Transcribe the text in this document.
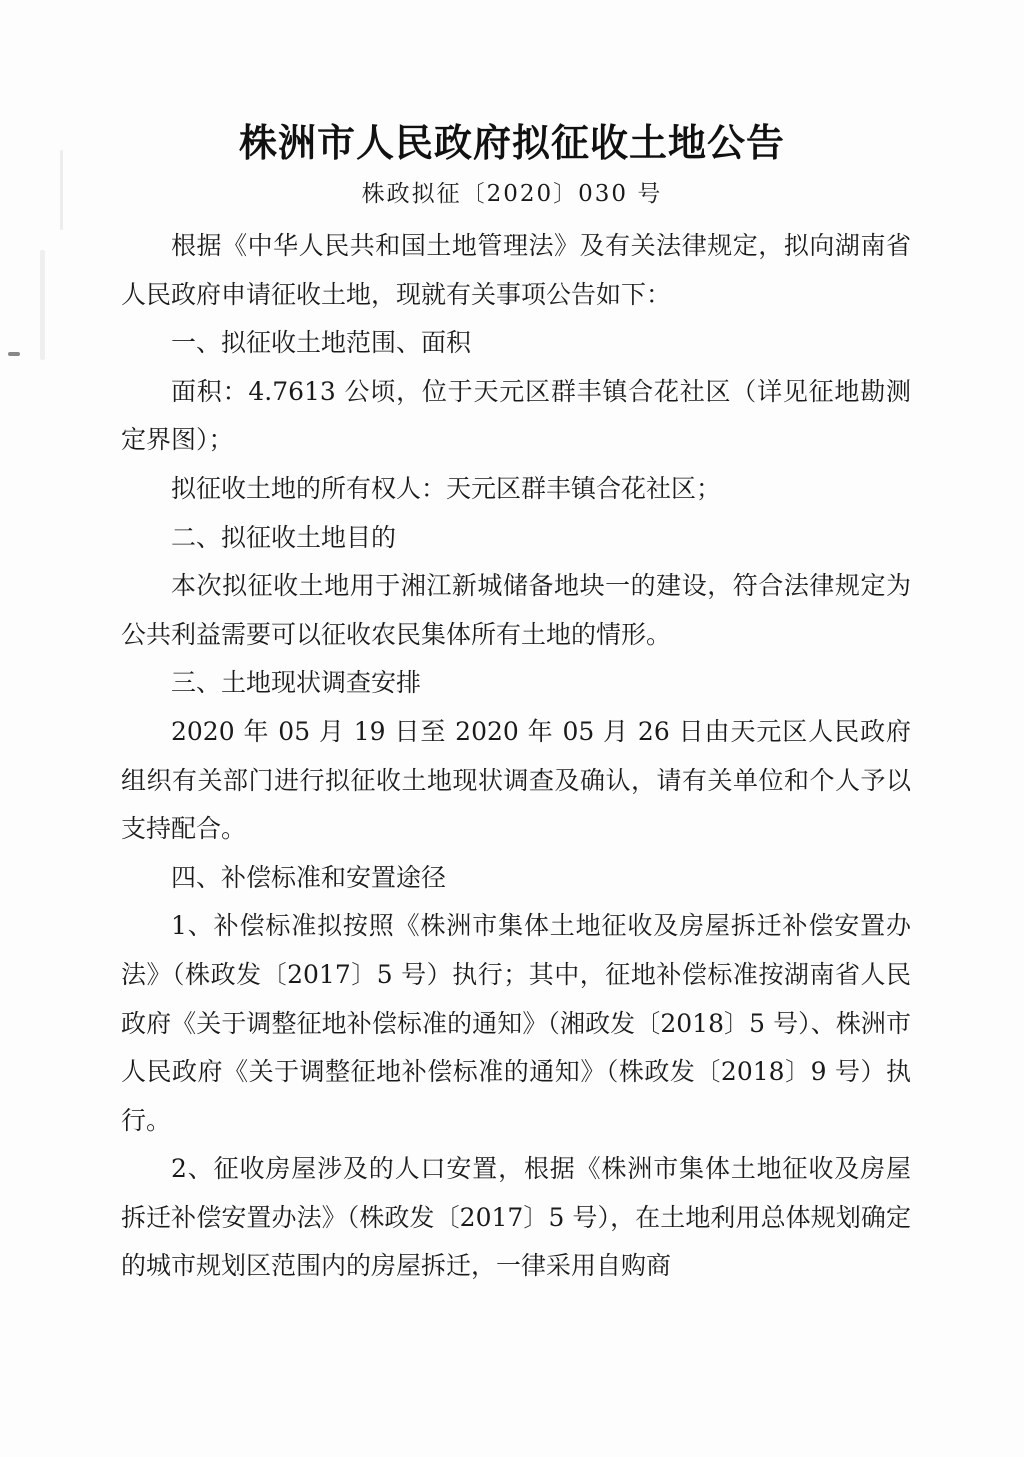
株洲市人民政府拟征收土地公告
株政拟征〔2020〕030 号

根据《中华人民共和国土地管理法》及有关法律规定，拟向湖南省人民政府申请征收土地，现就有关事项公告如下：

一、拟征收土地范围、面积

面积：4.7613 公顷，位于天元区群丰镇合花社区（详见征地勘测定界图）；

拟征收土地的所有权人：天元区群丰镇合花社区；

二、拟征收土地目的

本次拟征收土地用于湘江新城储备地块一的建设，符合法律规定为公共利益需要可以征收农民集体所有土地的情形。

三、土地现状调查安排

2020 年 05 月 19 日至 2020 年 05 月 26 日由天元区人民政府组织有关部门进行拟征收土地现状调查及确认，请有关单位和个人予以支持配合。

四、补偿标准和安置途径

1、补偿标准拟按照《株洲市集体土地征收及房屋拆迁补偿安置办法》（株政发〔2017〕5 号）执行；其中，征地补偿标准按湖南省人民政府《关于调整征地补偿标准的通知》（湘政发〔2018〕5 号）、株洲市人民政府《关于调整征地补偿标准的通知》（株政发〔2018〕9 号）执行。

2、征收房屋涉及的人口安置，根据《株洲市集体土地征收及房屋拆迁补偿安置办法》（株政发〔2017〕5 号），在土地利用总体规划确定的城市规划区范围内的房屋拆迁，一律采用自购商
